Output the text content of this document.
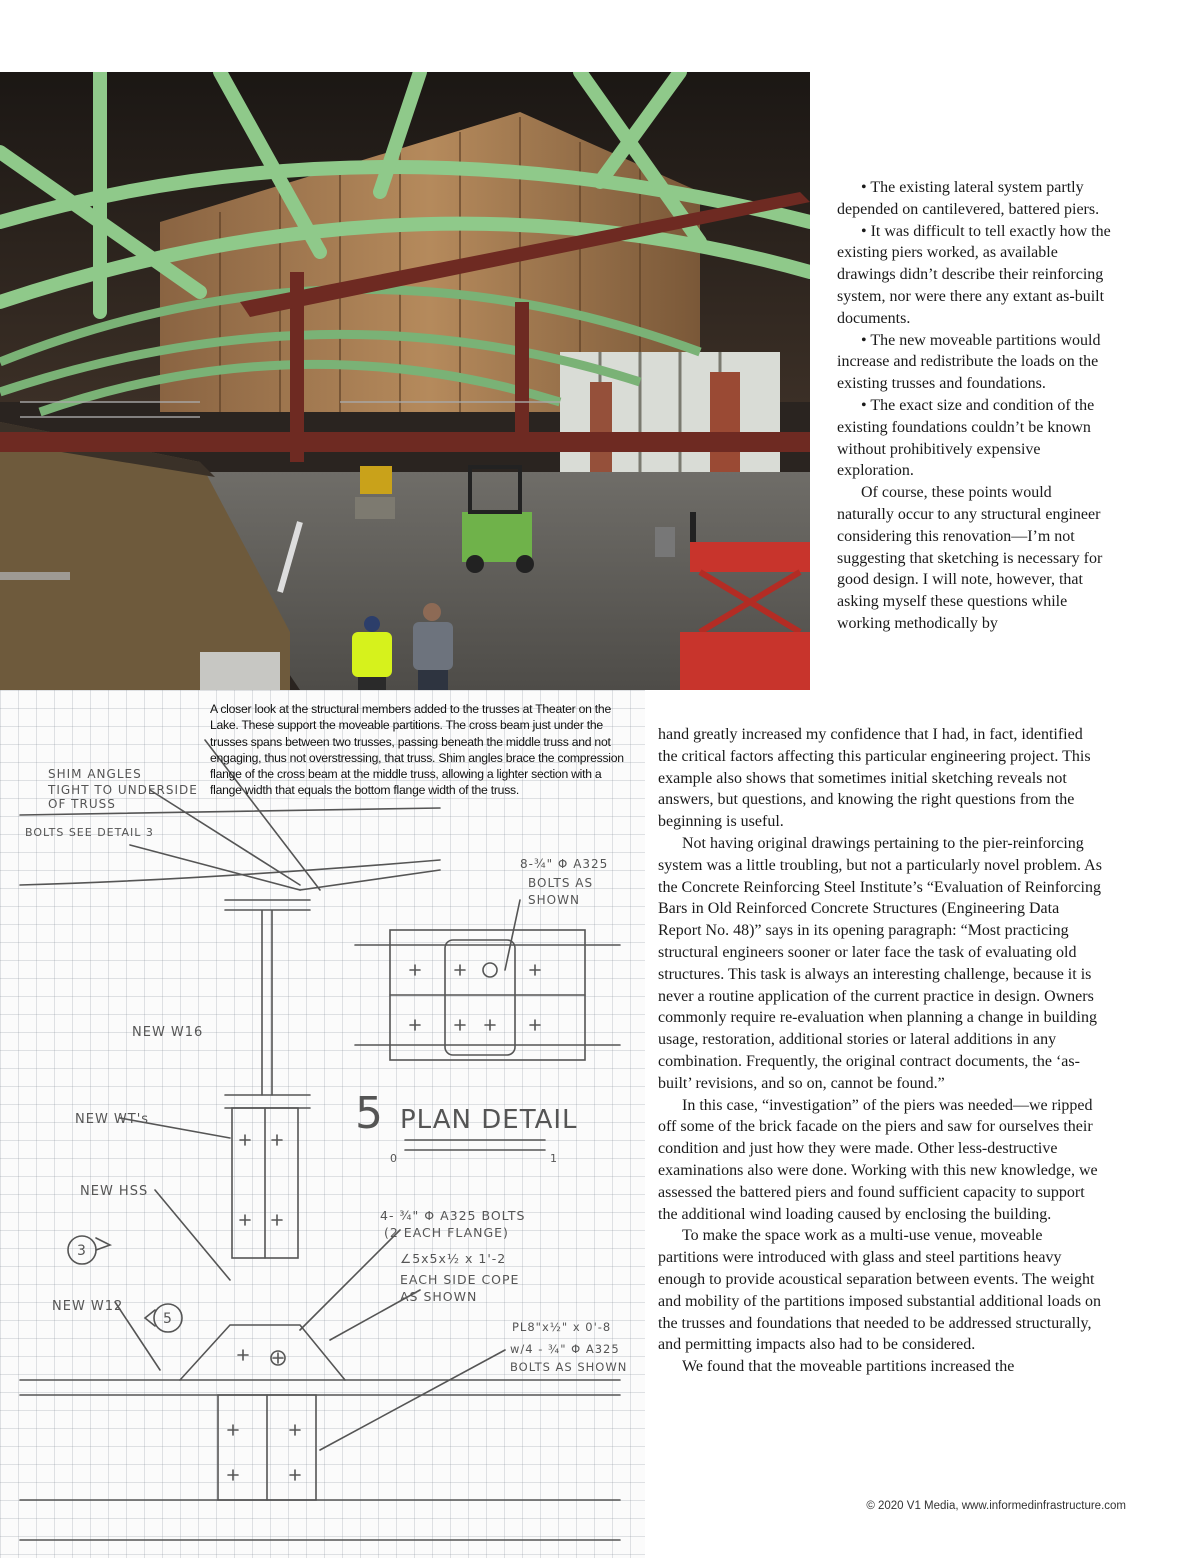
SHIM ANGLES
TIGHT TO UNDERSIDE
OF TRUSS
BOLTS SEE DETAIL 3
8-¾" Φ A325
BOLTS AS
SHOWN
NEW W16
NEW WT's
NEW HSS
NEW W12
5 PLAN DETAIL
0	1
4- ¾" Φ A325 BOLTS
(2 EACH FLANGE)
∠5x5x½ x 1'-2
EACH SIDE COPE
AS SHOWN
PL8"x½" x 0'-8
w/4 - ¾" Φ A325
BOLTS AS SHOWN
3
5
A closer look at the structural members added to the trusses at Theater on the Lake. These support the moveable partitions. The cross beam just under the trusses spans between two trusses, passing beneath the middle truss and not engaging, thus not overstressing, that truss. Shim angles brace the compression flange of the cross beam at the middle truss, allowing a lighter section with a flange width that equals the bottom flange width of the truss.

• The existing lateral system partly depended on cantilevered, battered piers.

• It was difficult to tell exactly how the existing piers worked, as available drawings didn’t describe their reinforcing system, nor were there any extant as-built documents.

• The new moveable partitions would increase and redistribute the loads on the existing trusses and foundations.

• The exact size and condition of the existing foundations couldn’t be known without prohibitively expensive exploration.

Of course, these points would naturally occur to any structural engineer considering this renovation—I’m not suggesting that sketching is necessary for good design. I will note, however, that asking myself these questions while working methodically by

hand greatly increased my confidence that I had, in fact, identified the critical factors affecting this particular engineering project. This example also shows that sometimes initial sketching reveals not answers, but questions, and knowing the right questions from the beginning is useful.

Not having original drawings pertaining to the pier-reinforcing system was a little troubling, but not a particularly novel problem. As the Concrete Reinforcing Steel Institute’s “Evaluation of Reinforcing Bars in Old Reinforced Concrete Structures (Engineering Data Report No. 48)” says in its opening paragraph: “Most practicing structural engineers sooner or later face the task of evaluating old structures. This task is always an interesting challenge, because it is never a routine application of the current practice in design. Owners commonly require re-evaluation when planning a change in building usage, restoration, additional stories or lateral additions in any combination. Frequently, the original contract documents, the ‘as-built’ revisions, and so on, cannot be found.”

In this case, “investigation” of the piers was needed—we ripped off some of the brick facade on the piers and saw for ourselves their condition and just how they were made. Other less-destructive examinations also were done. Working with this new knowledge, we assessed the battered piers and found sufficient capacity to support the additional wind loading caused by enclosing the building.

To make the space work as a multi-use venue, moveable partitions were introduced with glass and steel partitions heavy enough to provide acoustical separation between events. The weight and mobility of the partitions imposed substantial additional loads on the trusses and foundations that needed to be addressed structurally, and permitting impacts also had to be considered.

We found that the moveable partitions increased the

© 2020 V1 Media, www.informedinfrastructure.com
